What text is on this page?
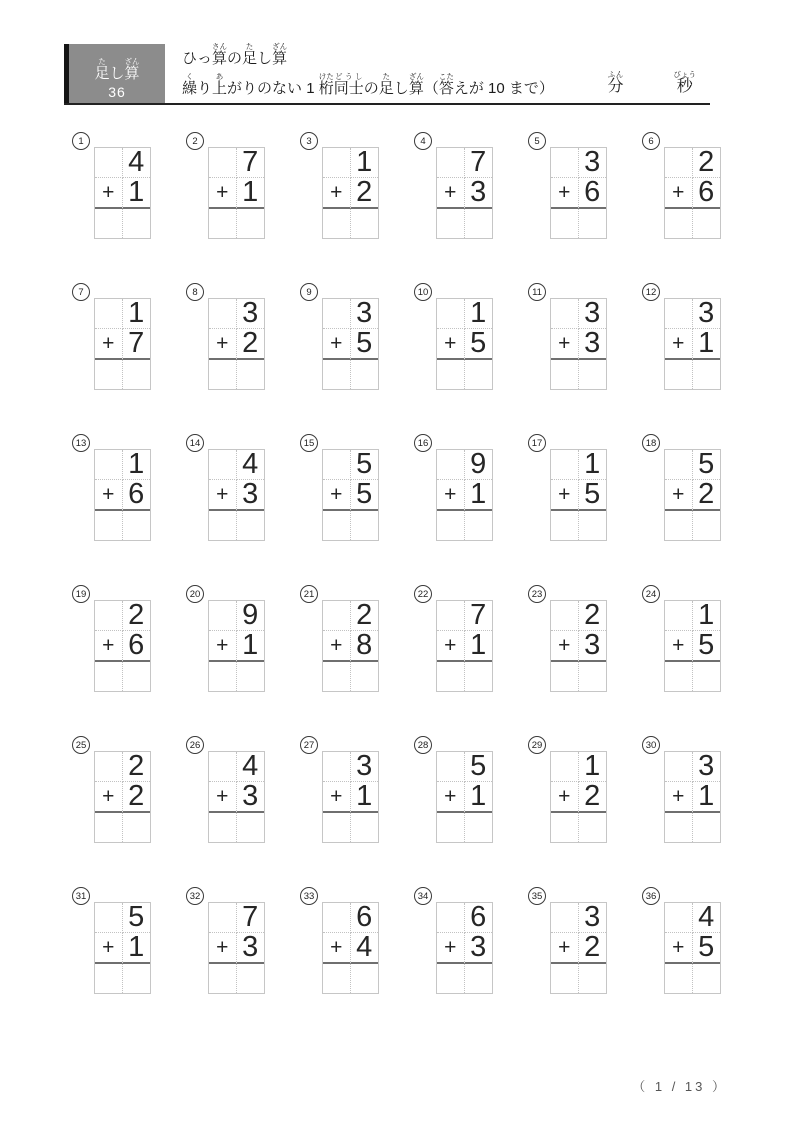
足たし算ざん
36
ひっ算さんの足たし算ざん
繰くり上あがりのない 1 桁けた同士どうしの足たし算ざん（答こたえが 10 まで）	分ふん
秒びょう
1
4
+ 1
2
7
+ 1
3
1
+ 2
4
7
+ 3
5
3
+ 6
6
2
+ 6
7
1
+ 7
8
3
+ 2
9
3
+ 5
10
1
+ 5
11
3
+ 3
12
3
+ 1
13
1
+ 6
14
4
+ 3
15
5
+ 5
16
9
+ 1
17
1
+ 5
18
5
+ 2
19
2
+ 6
20
9
+ 1
21
2
+ 8
22
7
+ 1
23
2
+ 3
24
1
+ 5
25
2
+ 2
26
4
+ 3
27
3
+ 1
28
5
+ 1
29
1
+ 2
30
3
+ 1
31
5
+ 1
32
7
+ 3
33
6
+ 4
34
6
+ 3
35
3
+ 2
36
4
+ 5
（ 1 / 13 ）
